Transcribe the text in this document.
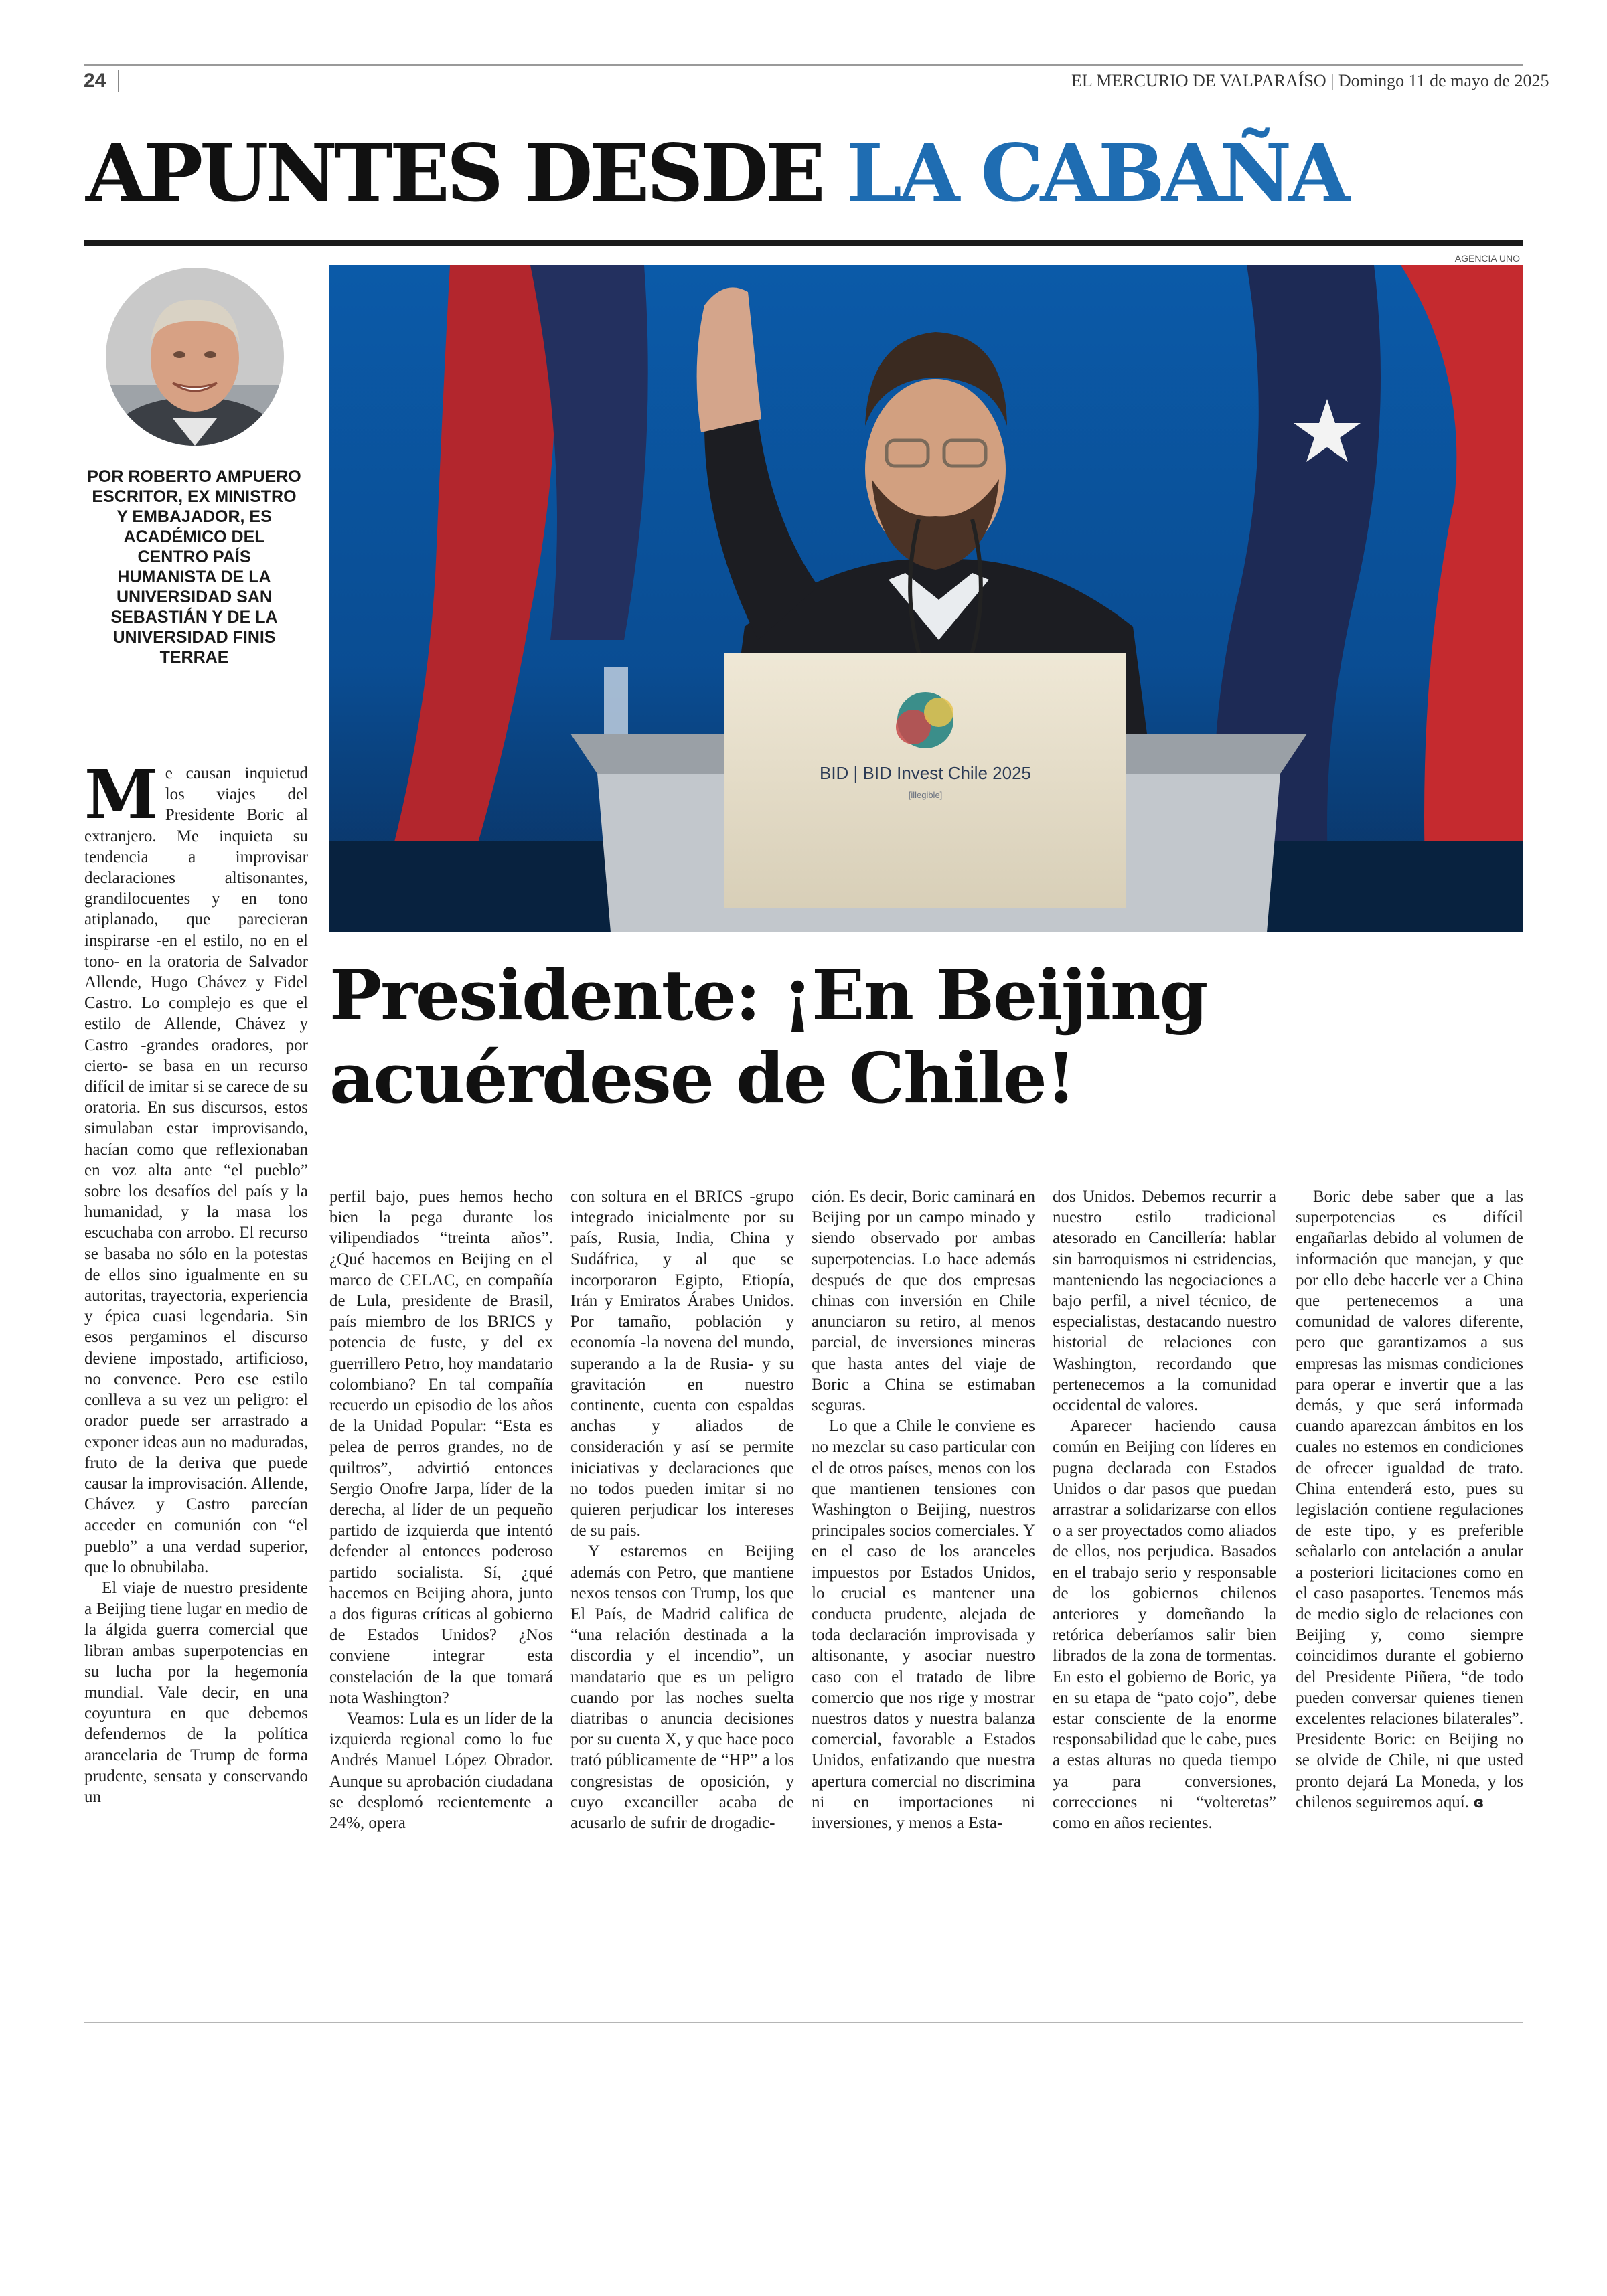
24	EL MERCURIO DE VALPARAÍSO | Domingo 11 de mayo de 2025
APUNTES DESDE LA CABAÑA
AGENCIA UNO
POR ROBERTO AMPUERO ESCRITOR, EX MINISTRO Y EMBAJADOR, ES ACADÉMICO DEL CENTRO PAÍS HUMANISTA DE LA UNIVERSIDAD SAN SEBASTIÁN Y DE LA UNIVERSIDAD FINIS TERRAE
BID | BID Invest Chile 2025
[illegible]
Presidente: ¡En Beijing acuérdese de Chile!
M e causan inquietud los viajes del Presidente Boric al extranjero. Me inquieta su tendencia a improvisar declaraciones altisonantes, grandilocuentes y en tono atiplanado, que parecieran inspirarse -en el estilo, no en el tono- en la oratoria de Salvador Allende, Hugo Chávez y Fidel Castro. Lo complejo es que el estilo de Allende, Chávez y Castro -grandes oradores, por cierto- se basa en un recurso difícil de imitar si se carece de su oratoria. En sus discursos, estos simulaban estar improvisando, hacían como que reflexionaban en voz alta ante “el pueblo” sobre los desafíos del país y la humanidad, y la masa los escuchaba con arrobo. El recurso se basaba no sólo en la potestas de ellos sino igualmente en su autoritas, trayectoria, experiencia y épica cuasi legendaria. Sin esos pergaminos el discurso deviene impostado, artificioso, no convence. Pero ese estilo conlleva a su vez un peligro: el orador puede ser arrastrado a exponer ideas aun no maduradas, fruto de la deriva que puede causar la improvisación. Allende, Chávez y Castro parecían acceder en comunión con “el pueblo” a una verdad superior, que lo obnubilaba.

El viaje de nuestro presidente a Beijing tiene lugar en medio de la álgida guerra comercial que libran ambas superpotencias en su lucha por la hegemonía mundial. Vale decir, en una coyuntura en que debemos defendernos de la política arancelaria de Trump de forma prudente, sensata y conservando un

perfil bajo, pues hemos hecho bien la pega durante los vilipendiados “treinta años”. ¿Qué hacemos en Beijing en el marco de CELAC, en compañía de Lula, presidente de Brasil, país miembro de los BRICS y potencia de fuste, y del ex guerrillero Petro, hoy mandatario colombiano? En tal compañía recuerdo un episodio de los años de la Unidad Popular: “Esta es pelea de perros grandes, no de quiltros”, advirtió entonces Sergio Onofre Jarpa, líder de la derecha, al líder de un pequeño partido de izquierda que intentó defender al entonces poderoso partido socialista. Sí, ¿qué hacemos en Beijing ahora, junto a dos figuras críticas al gobierno de Estados Unidos? ¿Nos conviene integrar esta constelación de la que tomará nota Washington?

Veamos: Lula es un líder de la izquierda regional como lo fue Andrés Manuel López Obrador. Aunque su aprobación ciudadana se desplomó recientemente a 24%, opera

con soltura en el BRICS -grupo integrado inicialmente por su país, Rusia, India, China y Sudáfrica, y al que se incorporaron Egipto, Etiopía, Irán y Emiratos Árabes Unidos. Por tamaño, población y economía -la novena del mundo, superando a la de Rusia- y su gravitación en nuestro continente, cuenta con espaldas anchas y aliados de consideración y así se permite iniciativas y declaraciones que no todos pueden imitar si no quieren perjudicar los intereses de su país.

Y estaremos en Beijing además con Petro, que mantiene nexos tensos con Trump, los que El País, de Madrid califica de “una relación destinada a la discordia y el incendio”, un mandatario que es un peligro cuando por las noches suelta diatribas o anuncia decisiones por su cuenta X, y que hace poco trató públicamente de “HP” a los congresistas de oposición, y cuyo excanciller acaba de acusarlo de sufrir de drogadic-

ción. Es decir, Boric caminará en Beijing por un campo minado y siendo observado por ambas superpotencias. Lo hace además después de que dos empresas chinas con inversión en Chile anunciaron su retiro, al menos parcial, de inversiones mineras que hasta antes del viaje de Boric a China se estimaban seguras.

Lo que a Chile le conviene es no mezclar su caso particular con el de otros países, menos con los que mantienen tensiones con Washington o Beijing, nuestros principales socios comerciales. Y en el caso de los aranceles impuestos por Estados Unidos, lo crucial es mantener una conducta prudente, alejada de toda declaración improvisada y altisonante, y asociar nuestro caso con el tratado de libre comercio que nos rige y mostrar nuestros datos y nuestra balanza comercial, favorable a Estados Unidos, enfatizando que nuestra apertura comercial no discrimina ni en importaciones ni inversiones, y menos a Esta-

dos Unidos. Debemos recurrir a nuestro estilo tradicional atesorado en Cancillería: hablar sin barroquismos ni estridencias, manteniendo las negociaciones a bajo perfil, a nivel técnico, de especialistas, destacando nuestro historial de relaciones con Washington, recordando que pertenecemos a la comunidad occidental de valores.

Aparecer haciendo causa común en Beijing con líderes en pugna declarada con Estados Unidos o dar pasos que puedan arrastrar a solidarizarse con ellos o a ser proyectados como aliados de ellos, nos perjudica. Basados en el trabajo serio y responsable de los gobiernos chilenos anteriores y domeñando la retórica deberíamos salir bien librados de la zona de tormentas. En esto el gobierno de Boric, ya en su etapa de “pato cojo”, debe estar consciente de la enorme responsabilidad que le cabe, pues a estas alturas no queda tiempo ya para conversiones, correcciones ni “volteretas” como en años recientes.

Boric debe saber que a las superpotencias es difícil engañarlas debido al volumen de información que manejan, y que por ello debe hacerle ver a China que pertenecemos a una comunidad de valores diferente, pero que garantizamos a sus empresas las mismas condiciones para operar e invertir que a las demás, y que será informada cuando aparezcan ámbitos en los cuales no estemos en condiciones de ofrecer igualdad de trato. China entenderá esto, pues su legislación contiene regulaciones de este tipo, y es preferible señalarlo con antelación a anular a posteriori licitaciones como en el caso pasaportes. Tenemos más de medio siglo de relaciones con Beijing y, como siempre coincidimos durante el gobierno del Presidente Piñera, “de todo pueden conversar quienes tienen excelentes relaciones bilaterales”. Presidente Boric: en Beijing no se olvide de Chile, ni que usted pronto dejará La Moneda, y los chilenos seguiremos aquí. ɞ
